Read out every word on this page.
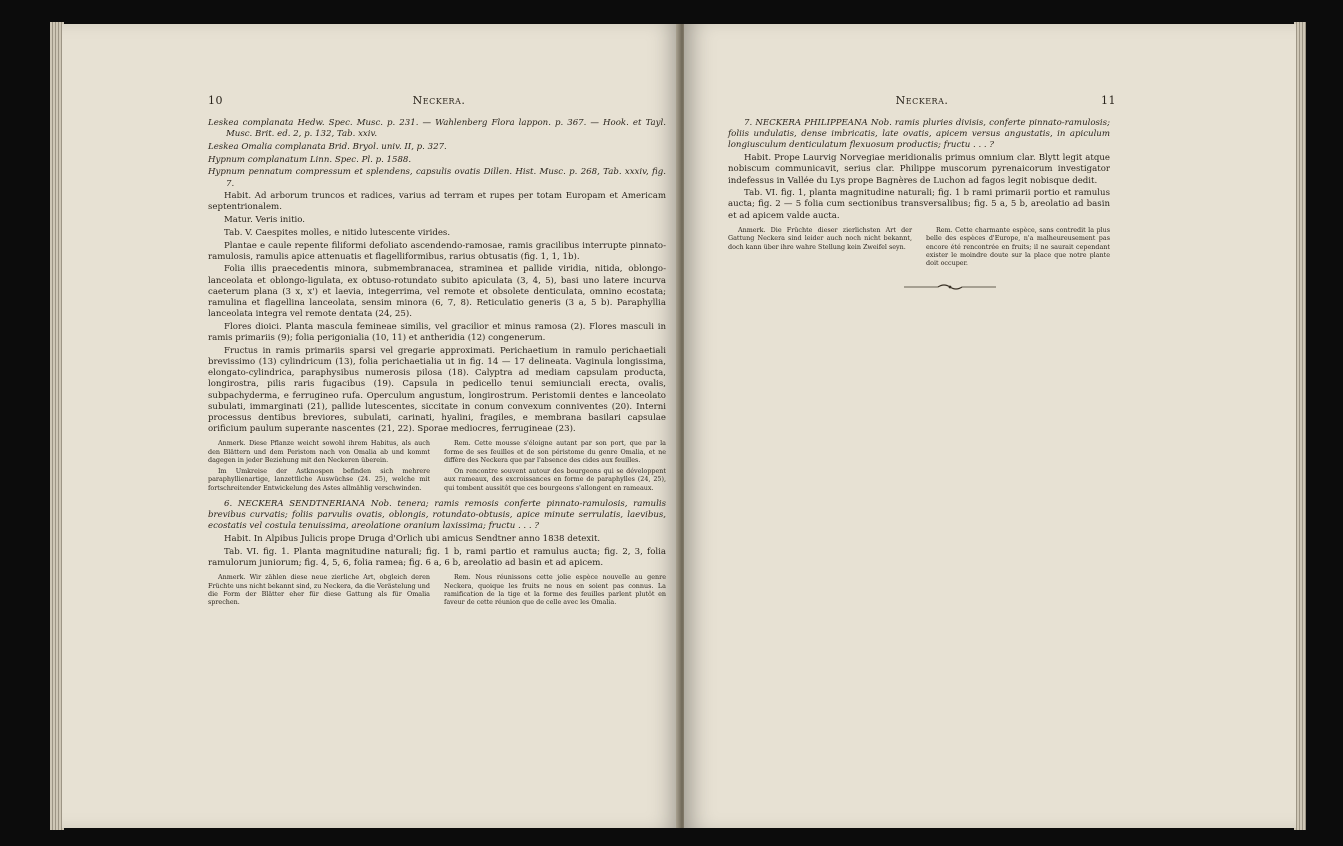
10	Neckera.

Leskea complanata Hedw. Spec. Musc. p. 231. — Wahlenberg Flora lappon. p. 367. — Hook. et Tayl. Musc. Brit. ed. 2, p. 132, Tab. xxiv.

Leskea Omalia complanata Brid. Bryol. univ. II, p. 327.

Hypnum complanatum Linn. Spec. Pl. p. 1588.

Hypnum pennatum compressum et splendens, capsulis ovatis Dillen. Hist. Musc. p. 268, Tab. xxxiv, fig. 7.

Habit. Ad arborum truncos et radices, varius ad terram et rupes per totam Europam et Americam septentrionalem.

Matur. Veris initio.

Tab. V. Caespites molles, e nitido lutescente virides.

Plantae e caule repente filiformi defoliato ascendendo-ramosae, ramis gracilibus interrupte pinnato-ramulosis, ramulis apice attenuatis et flagelliformibus, rarius obtusatis (fig. 1, 1, 1b).

Folia illis praecedentis minora, submembranacea, straminea et pallide viridia, nitida, oblongo-lanceolata et oblongo-ligulata, ex obtuso-rotundato subito apiculata (3, 4, 5), basi uno latere incurva caeterum plana (3 x, x') et laevia, integerrima, vel remote et obsolete denticulata, omnino ecostata; ramulina et flagellina lanceolata, sensim minora (6, 7, 8). Reticulatio generis (3 a, 5 b). Paraphyllia lanceolata integra vel remote dentata (24, 25).

Flores dioici. Planta mascula femineae similis, vel gracilior et minus ramosa (2). Flores masculi in ramis primariis (9); folia perigonialia (10, 11) et antheridia (12) congenerum.

Fructus in ramis primariis sparsi vel gregarie approximati. Perichaetium in ramulo perichaetiali brevissimo (13) cylindricum (13), folia perichaetialia ut in fig. 14 — 17 delineata. Vaginula longissima, elongato-cylindrica, paraphysibus numerosis pilosa (18). Calyptra ad mediam capsulam producta, longirostra, pilis raris fugacibus (19). Capsula in pedicello tenui semiunciali erecta, ovalis, subpachyderma, e ferrugineo rufa. Operculum angustum, longirostrum. Peristomii dentes e lanceolato subulati, immarginati (21), pallide lutescentes, siccitate in conum convexum conniventes (20). Interni processus dentibus breviores, subulati, carinati, hyalini, fragiles, e membrana basilari capsulae orificium paulum superante nascentes (21, 22). Sporae mediocres, ferrugineae (23).

Anmerk. Diese Pflanze weicht sowohl ihrem Habitus, als auch den Blättern und dem Peristom nach von Omalia ab und kommt dagegen in jeder Beziehung mit den Neckeren überein.

Im Umkreise der Astknospen befinden sich mehrere paraphyllienartige, lanzettliche Auswüchse (24. 25), welche mit fortschreitender Entwickelung des Astes allmählig verschwinden.

Rem. Cette mousse s'éloigne autant par son port, que par la forme de ses feuilles et de son péristome du genre Omalia, et ne diffère des Neckera que par l'absence des cides aux feuilles.

On rencontre souvent autour des bourgeons qui se développent aux rameaux, des excroissances en forme de paraphylles (24, 25), qui tombent aussitôt que ces bourgeons s'allongent en rameaux.

6. NECKERA SENDTNERIANA Nob. tenera; ramis remosis conferte pinnato-ramulosis, ramulis brevibus curvatis; foliis parvulis ovatis, oblongis, rotundato-obtusis, apice minute serrulatis, laevibus, ecostatis vel costula tenuissima, areolatione oranium laxissima; fructu . . . ?

Habit. In Alpibus Julicis prope Druga d'Orlich ubi amicus Sendtner anno 1838 detexit.

Tab. VI. fig. 1. Planta magnitudine naturali; fig. 1 b, rami partio et ramulus aucta; fig. 2, 3, folia ramulorum juniorum; fig. 4, 5, 6, folia ramea; fig. 6 a, 6 b, areolatio ad basin et ad apicem.

Anmerk. Wir zählen diese neue zierliche Art, obgleich deren Früchte uns nicht bekannt sind, zu Neckera, da die Verästelung und die Form der Blätter eher für diese Gattung als für Omalia sprechen.

Rem. Nous réunissons cette jolie espèce nouvelle au genre Neckera, quoique les fruits ne nous en soient pas connus. La ramification de la tige et la forme des feuilles parlent plutôt en faveur de cette réunion que de celle avec les Omalia.

Neckera.	11

7. NECKERA PHILIPPEANA Nob. ramis pluries divisis, conferte pinnato-ramulosis; foliis undulatis, dense imbricatis, late ovatis, apicem versus angustatis, in apiculum longiusculum denticulatum flexuosum productis; fructu . . . ?

Habit. Prope Laurvig Norvegiae meridionalis primus omnium clar. Blytt legit atque nobiscum communicavit, serius clar. Philippe muscorum pyrenaicorum investigator indefessus in Vallée du Lys prope Bagnères de Luchon ad fagos legit nobisque dedit.

Tab. VI. fig. 1, planta magnitudine naturali; fig. 1 b rami primarii portio et ramulus aucta; fig. 2 — 5 folia cum sectionibus transversalibus; fig. 5 a, 5 b, areolatio ad basin et ad apicem valde aucta.

Anmerk. Die Früchte dieser zierlichsten Art der Gattung Neckera sind leider auch noch nicht bekannt, doch kann über ihre wahre Stellung kein Zweifel seyn.

Rem. Cette charmante espèce, sans contredit la plus belle des espèces d'Europe, n'a malheureusement pas encore été rencontrée en fruits; il ne saurait cependant exister le moindre doute sur la place que notre plante doit occuper.
